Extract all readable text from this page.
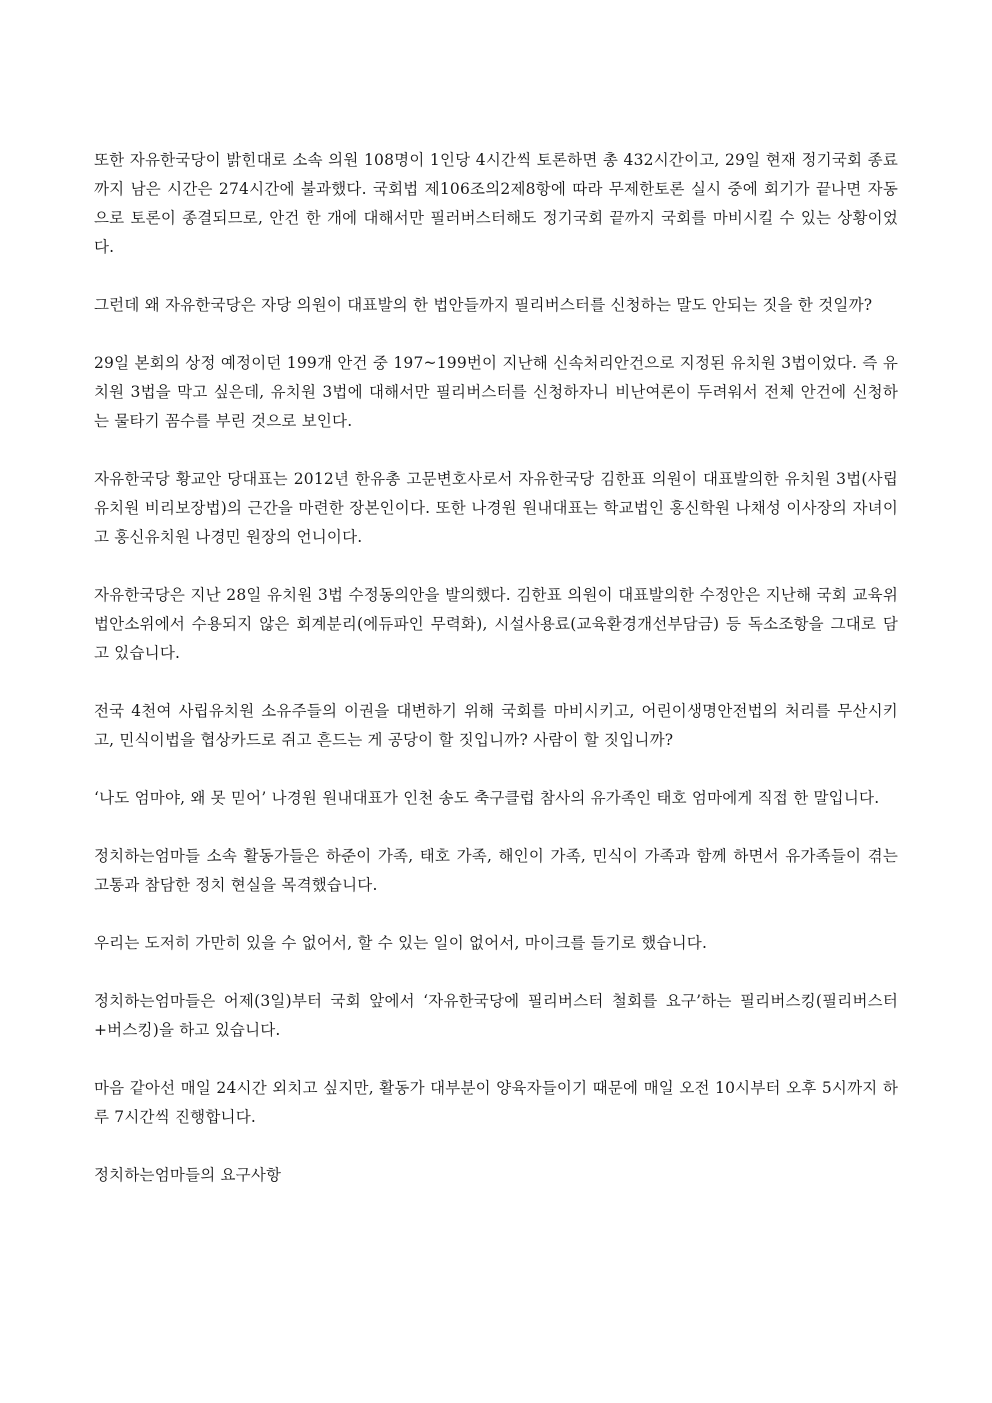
또한 자유한국당이 밝힌대로 소속 의원 108명이 1인당 4시간씩 토론하면 총 432시간이고, 29일 현재 정기국회 종료까지 남은 시간은 274시간에 불과했다. 국회법 제106조의2제8항에 따라 무제한토론 실시 중에 회기가 끝나면 자동으로 토론이 종결되므로, 안건 한 개에 대해서만 필러버스터해도 정기국회 끝까지 국회를 마비시킬 수 있는 상황이었다.

그런데 왜 자유한국당은 자당 의원이 대표발의 한 법안들까지 필리버스터를 신청하는 말도 안되는 짓을 한 것일까?

29일 본회의 상정 예정이던 199개 안건 중 197~199번이 지난해 신속처리안건으로 지정된 유치원 3법이었다. 즉 유치원 3법을 막고 싶은데, 유치원 3법에 대해서만 필리버스터를 신청하자니 비난여론이 두려워서 전체 안건에 신청하는 물타기 꼼수를 부린 것으로 보인다.

자유한국당 황교안 당대표는 2012년 한유총 고문변호사로서 자유한국당 김한표 의원이 대표발의한 유치원 3법(사립유치원 비리보장법)의 근간을 마련한 장본인이다. 또한 나경원 원내대표는 학교법인 홍신학원 나채성 이사장의 자녀이고 홍신유치원 나경민 원장의 언니이다.

자유한국당은 지난 28일 유치원 3법 수정동의안을 발의했다. 김한표 의원이 대표발의한 수정안은 지난해 국회 교육위 법안소위에서 수용되지 않은 회계분리(에듀파인 무력화), 시설사용료(교육환경개선부담금) 등 독소조항을 그대로 담고 있습니다.

전국 4천여 사립유치원 소유주들의 이권을 대변하기 위해 국회를 마비시키고, 어린이생명안전법의 처리를 무산시키고, 민식이법을 협상카드로 쥐고 흔드는 게 공당이 할 짓입니까? 사람이 할 짓입니까?

‘나도 엄마야, 왜 못 믿어’ 나경원 원내대표가 인천 송도 축구클럽 참사의 유가족인 태호 엄마에게 직접 한 말입니다.

정치하는엄마들 소속 활동가들은 하준이 가족, 태호 가족, 해인이 가족, 민식이 가족과 함께 하면서 유가족들이 겪는 고통과 참담한 정치 현실을 목격했습니다.

우리는 도저히 가만히 있을 수 없어서, 할 수 있는 일이 없어서, 마이크를 들기로 했습니다.

정치하는엄마들은 어제(3일)부터 국회 앞에서 ‘자유한국당에 필리버스터 철회를 요구’하는 필리버스킹(필리버스터+버스킹)을 하고 있습니다.

마음 같아선 매일 24시간 외치고 싶지만, 활동가 대부분이 양육자들이기 때문에 매일 오전 10시부터 오후 5시까지 하루 7시간씩 진행합니다.

정치하는엄마들의 요구사항
